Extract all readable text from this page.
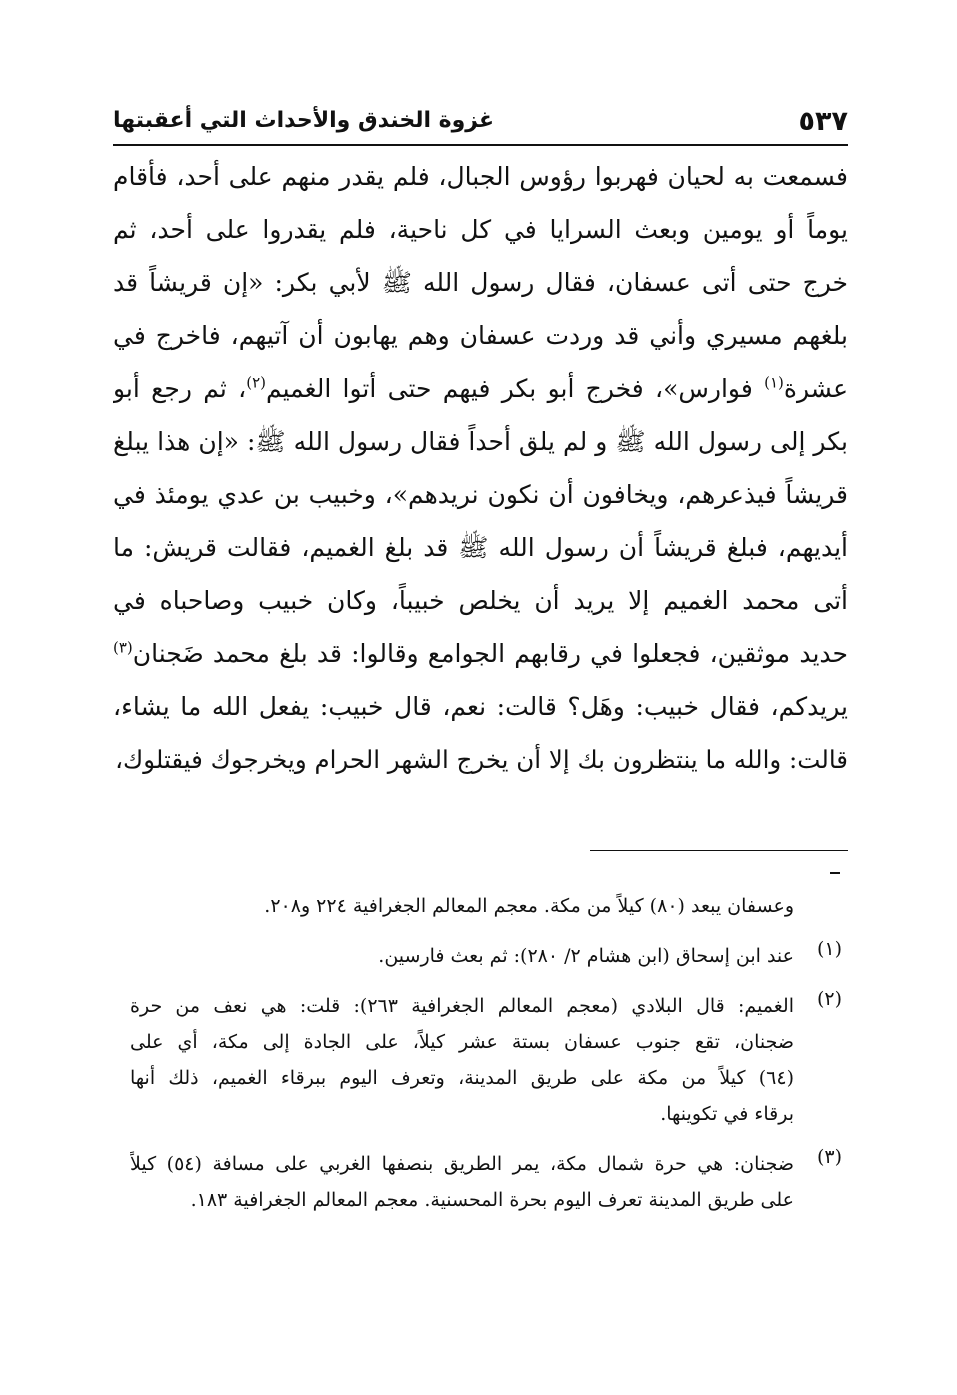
٥٣٧
غزوة الخندق والأحداث التي أعقبتها
فسمعت به لحيان فهربوا رؤوس الجبال، فلم يقدر منهم على أحد، فأقام
يوماً أو يومين وبعث السرايا في كل ناحية، فلم يقدروا على أحد، ثم
خرج حتى أتى عسفان، فقال رسول الله ﷺ لأبي بكر: «إن قريشاً قد
بلغهم مسيري وأني قد وردت عسفان وهم يهابون أن آتيهم، فاخرج في
عشرة$^{(١)}$ فوارس»، فخرج أبو بكر فيهم حتى أتوا الغميم$^{(٢)}$، ثم رجع أبو
بكر إلى رسول الله ﷺ و لم يلق أحداً فقال رسول الله ﷺ: «إن هذا يبلغ
قريشاً فيذعرهم، ويخافون أن نكون نريدهم»، وخبيب بن عدي يومئذ في
أيديهم، فبلغ قريشاً أن رسول الله ﷺ قد بلغ الغميم، فقالت قريش: ما
أتى محمد الغميم إلا يريد أن يخلص خبيباً، وكان خبيب وصاحباه في
حديد موثقين، فجعلوا في رقابهم الجوامع وقالوا: قد بلغ محمد ضَجنان$^{(٣)}$
يريدكم، فقال خبيب: وهَل؟ قالت: نعم، قال خبيب: يفعل الله ما يشاء،
قالت: والله ما ينتظرون بك إلا أن يخرج الشهر الحرام ويخرجوك فيقتلوك،
وعسفان يبعد (٨٠) كيلاً من مكة. معجم المعالم الجغرافية ٢٢٤ و٢٠٨.
(١)
عند ابن إسحاق (ابن هشام ٢/ ٢٨٠): ثم بعث فارسين.
(٢)
الغميم: قال البلادي (معجم المعالم الجغرافية ٢٦٣): قلت: هي نعف من حرة
ضجنان، تقع جنوب عسفان بستة عشر كيلاً، على الجادة إلى مكة، أي على
(٦٤) كيلاً من مكة على طريق المدينة، وتعرف اليوم ببرقاء الغميم، ذلك أنها
برقاء في تكوينها.
(٣)
ضجنان: هي حرة شمال مكة، يمر الطريق بنصفها الغربي على مسافة (٥٤) كيلاً
على طريق المدينة تعرف اليوم بحرة المحسنية. معجم المعالم الجغرافية ١٨٣.
